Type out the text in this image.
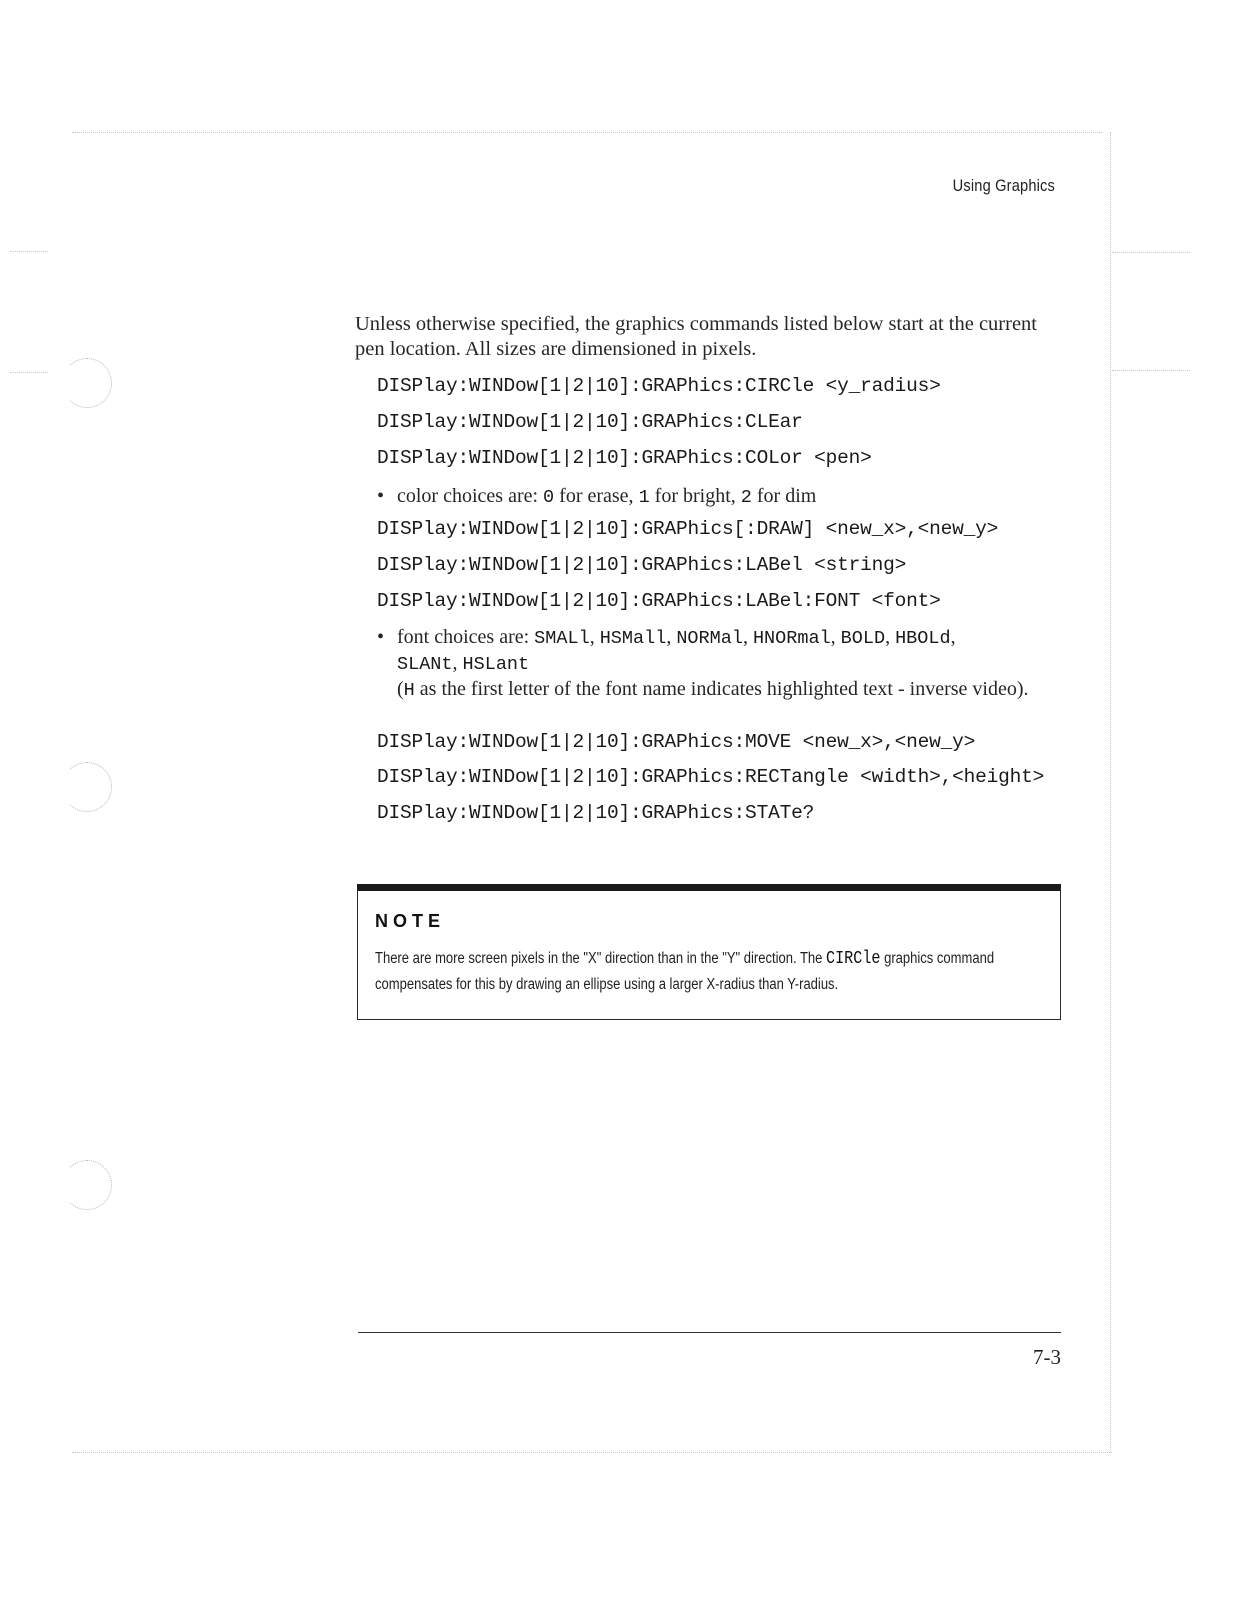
Using Graphics
Unless otherwise specified, the graphics commands listed below start at the current pen location. All sizes are dimensioned in pixels.
DISPlay:WINDow[1|2|10]:GRAPhics:CIRCle <y_radius>
DISPlay:WINDow[1|2|10]:GRAPhics:CLEar
DISPlay:WINDow[1|2|10]:GRAPhics:COLor <pen>
• color choices are: 0 for erase, 1 for bright, 2 for dim
DISPlay:WINDow[1|2|10]:GRAPhics[:DRAW] <new_x>,<new_y>
DISPlay:WINDow[1|2|10]:GRAPhics:LABel <string>
DISPlay:WINDow[1|2|10]:GRAPhics:LABel:FONT <font>
• font choices are: SMALl, HSMall, NORMal, HNORmal, BOLD, HBOLd,
SLANt, HSLant
(H as the first letter of the font name indicates highlighted text - inverse video).
DISPlay:WINDow[1|2|10]:GRAPhics:MOVE <new_x>,<new_y>
DISPlay:WINDow[1|2|10]:GRAPhics:RECTangle <width>,<height>
DISPlay:WINDow[1|2|10]:GRAPhics:STATe?
NOTE
There are more screen pixels in the "X" direction than in the "Y" direction. The CIRCle graphics command compensates for this by drawing an ellipse using a larger X-radius than Y-radius.
7-3
